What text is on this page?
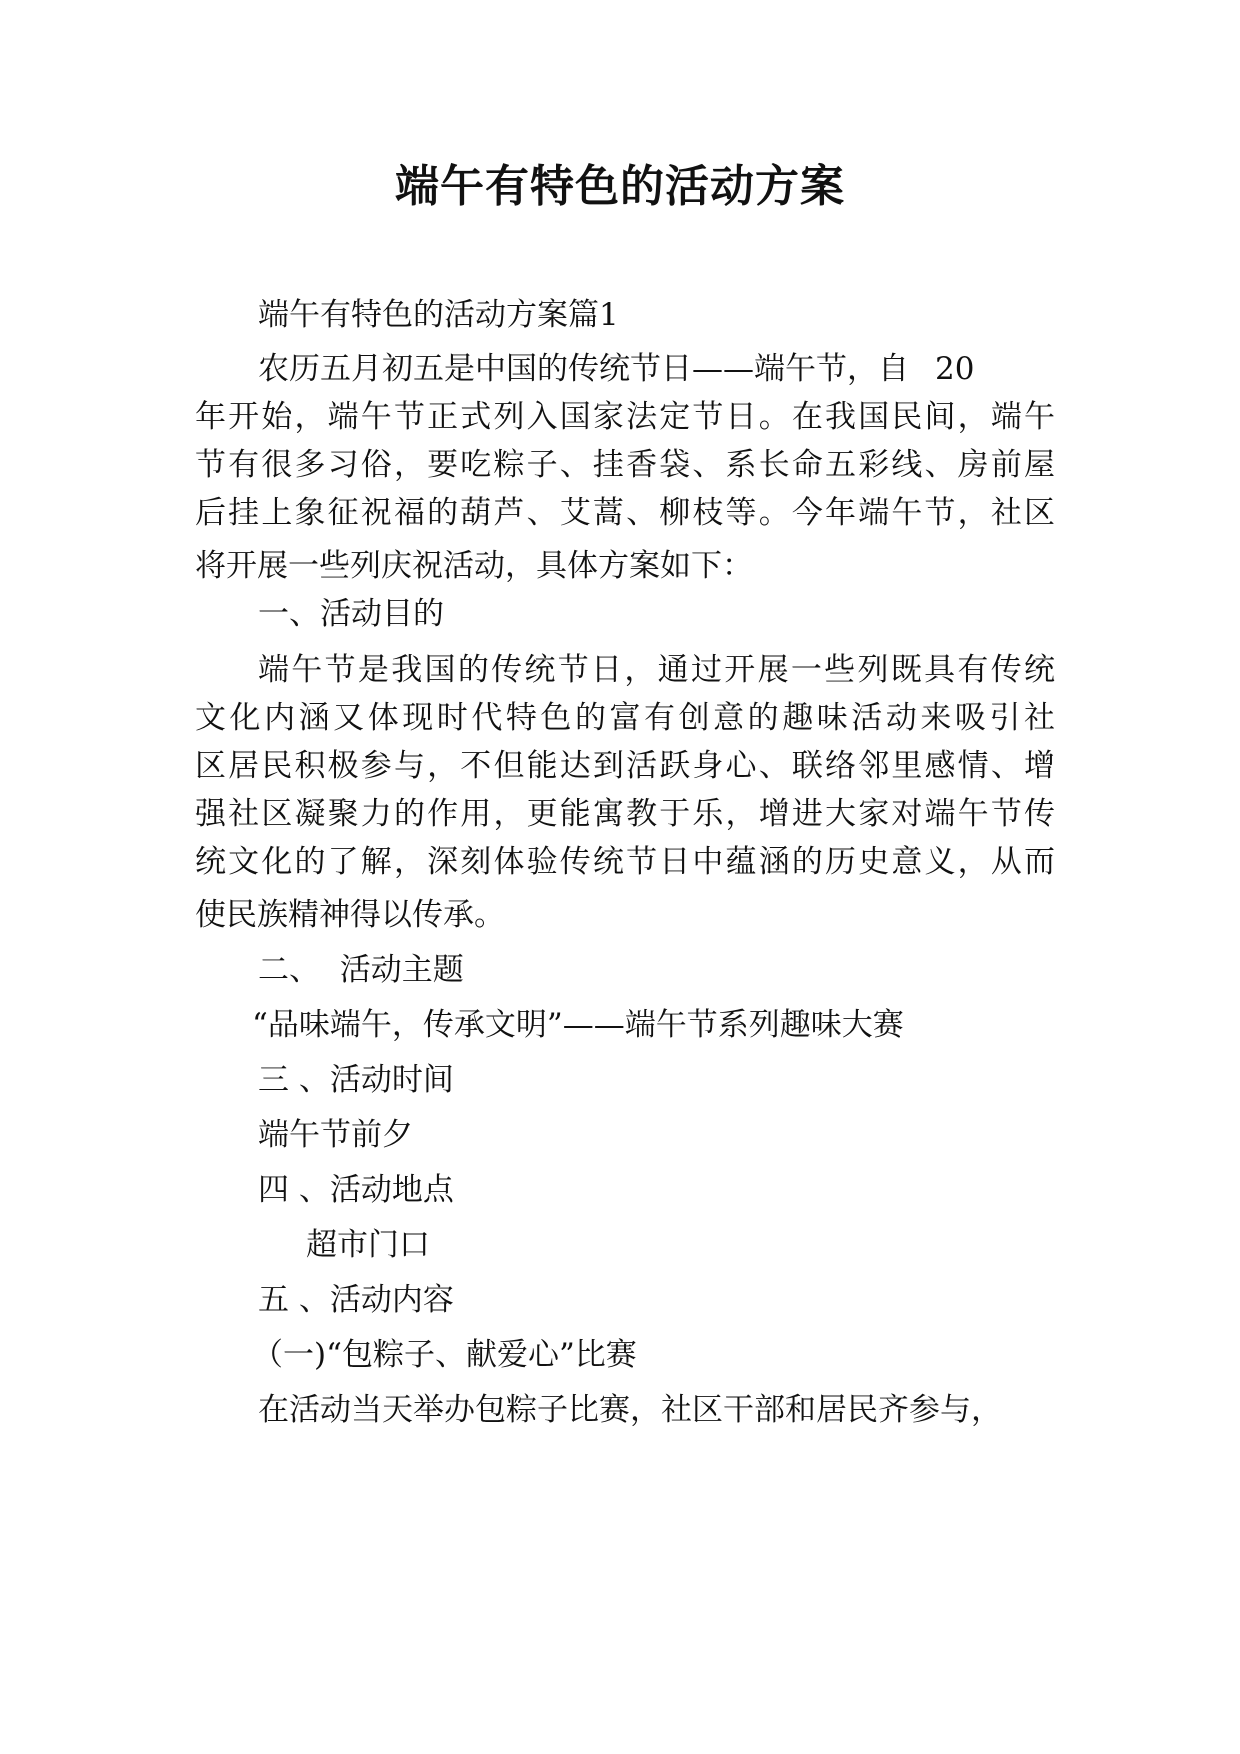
端午有特色的活动方案

端午有特色的活动方案篇1

农历五月初五是中国的传统节日——端午节，自 20

年开始，端午节正式列入国家法定节日。在我国民间，端午

节有很多习俗，要吃粽子、挂香袋、系长命五彩线、房前屋

后挂上象征祝福的葫芦、艾蒿、柳枝等。今年端午节，社区

将开展一些列庆祝活动，具体方案如下：

一、活动目的

端午节是我国的传统节日，通过开展一些列既具有传统

文化内涵又体现时代特色的富有创意的趣味活动来吸引社

区居民积极参与，不但能达到活跃身心、联络邻里感情、增

强社区凝聚力的作用，更能寓教于乐，增进大家对端午节传

统文化的了解，深刻体验传统节日中蕴涵的历史意义，从而

使民族精神得以传承。

二、  活动主题

“品味端午，传承文明”——端午节系列趣味大赛

三 、活动时间

端午节前夕

四 、活动地点

超市门口

五 、活动内容

（一)“包粽子、献爱心”比赛

在活动当天举办包粽子比赛，社区干部和居民齐参与，
